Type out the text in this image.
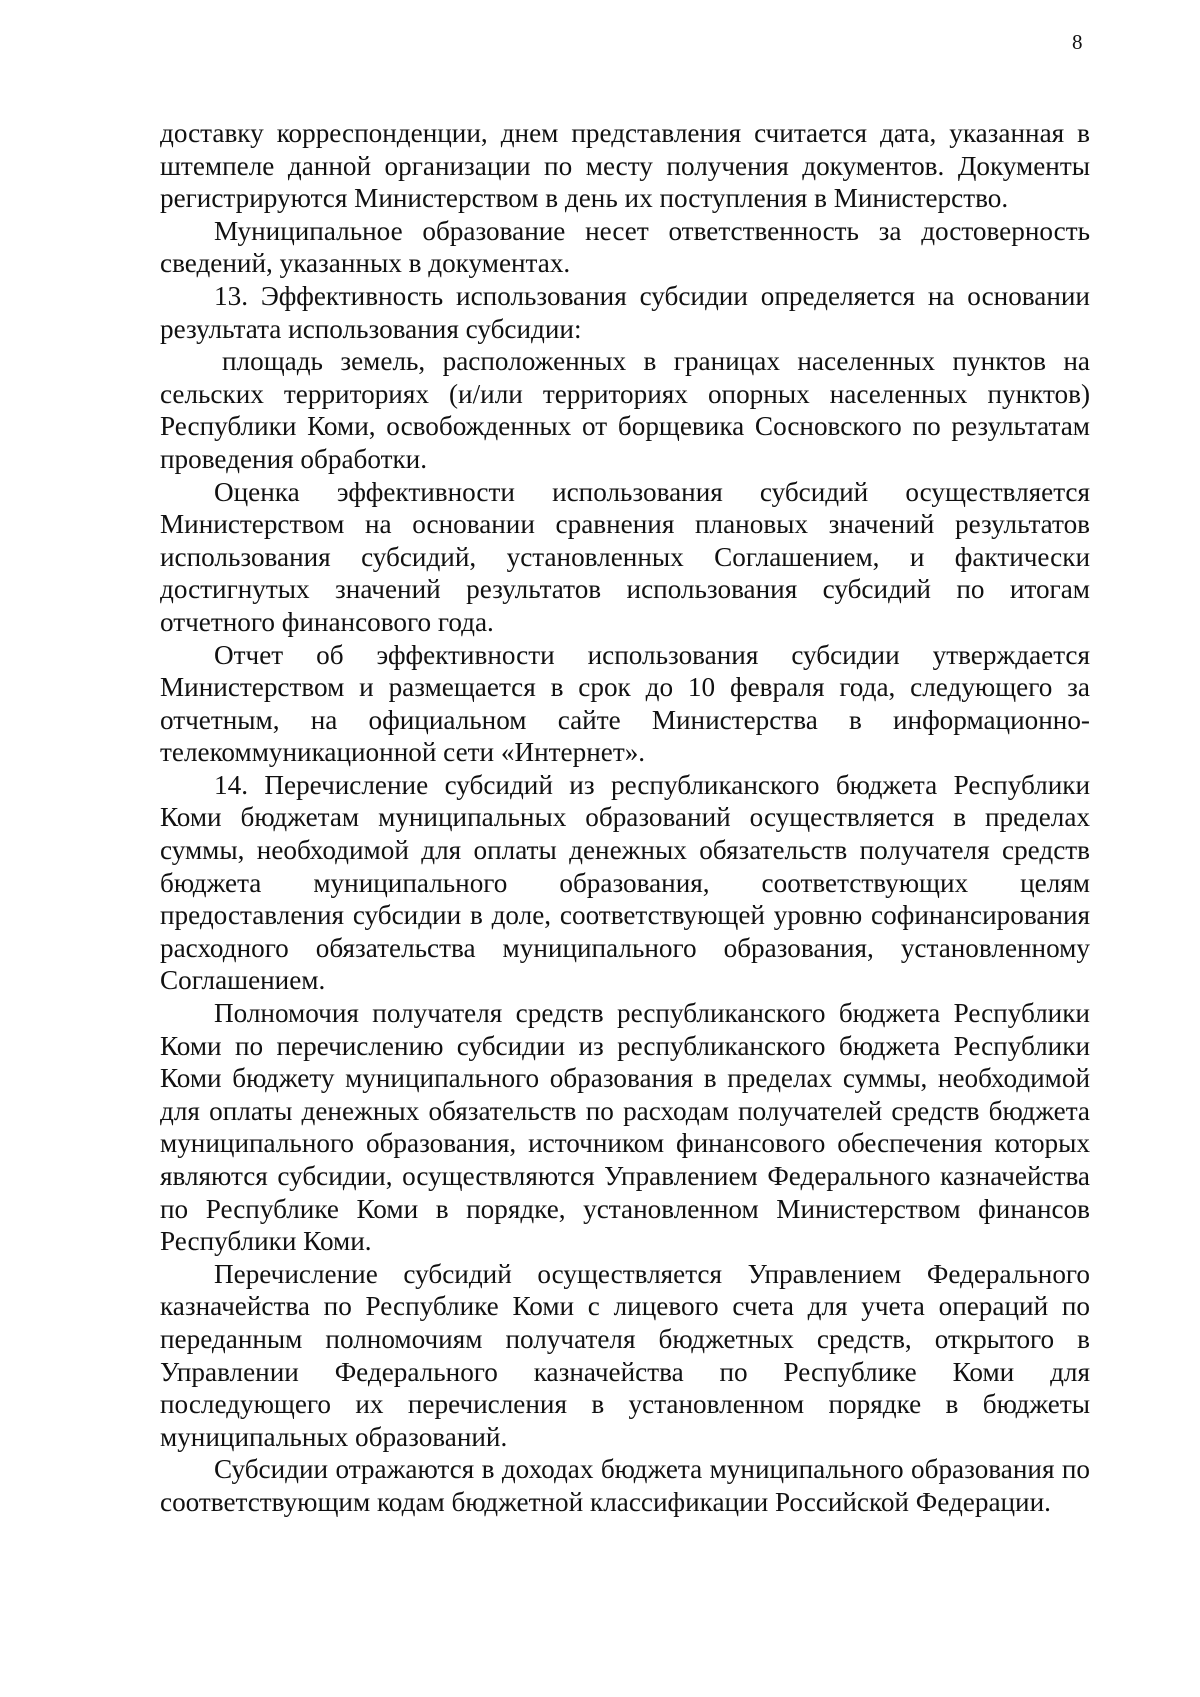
8

доставку корреспонденции, днем представления считается дата, указанная в штемпеле данной организации по месту получения документов. Документы регистрируются Министерством в день их поступления в Министерство.

Муниципальное образование несет ответственность за достоверность сведений, указанных в документах.

13. Эффективность использования субсидии определяется на основании результата использования субсидии:

площадь земель, расположенных в границах населенных пунктов на сельских территориях (и/или территориях опорных населенных пунктов) Республики Коми, освобожденных от борщевика Сосновского по результатам проведения обработки.

Оценка эффективности использования субсидий осуществляется Министерством на основании сравнения плановых значений результатов использования субсидий, установленных Соглашением, и фактически достигнутых значений результатов использования субсидий по итогам отчетного финансового года.

Отчет об эффективности использования субсидии утверждается Министерством и размещается в срок до 10 февраля года, следующего за отчетным, на официальном сайте Министерства в информационно-телекоммуникационной сети «Интернет».

14. Перечисление субсидий из республиканского бюджета Республики Коми бюджетам муниципальных образований осуществляется в пределах суммы, необходимой для оплаты денежных обязательств получателя средств бюджета муниципального образования, соответствующих целям предоставления субсидии в доле, соответствующей уровню софинансирования расходного обязательства муниципального образования, установленному Соглашением.

Полномочия получателя средств республиканского бюджета Республики Коми по перечислению субсидии из республиканского бюджета Республики Коми бюджету муниципального образования в пределах суммы, необходимой для оплаты денежных обязательств по расходам получателей средств бюджета муниципального образования, источником финансового обеспечения которых являются субсидии, осуществляются Управлением Федерального казначейства по Республике Коми в порядке, установленном Министерством финансов Республики Коми.

Перечисление субсидий осуществляется Управлением Федерального казначейства по Республике Коми с лицевого счета для учета операций по переданным полномочиям получателя бюджетных средств, открытого в Управлении Федерального казначейства по Республике Коми для последующего их перечисления в установленном порядке в бюджеты муниципальных образований.

Субсидии отражаются в доходах бюджета муниципального образования по соответствующим кодам бюджетной классификации Российской Федерации.
